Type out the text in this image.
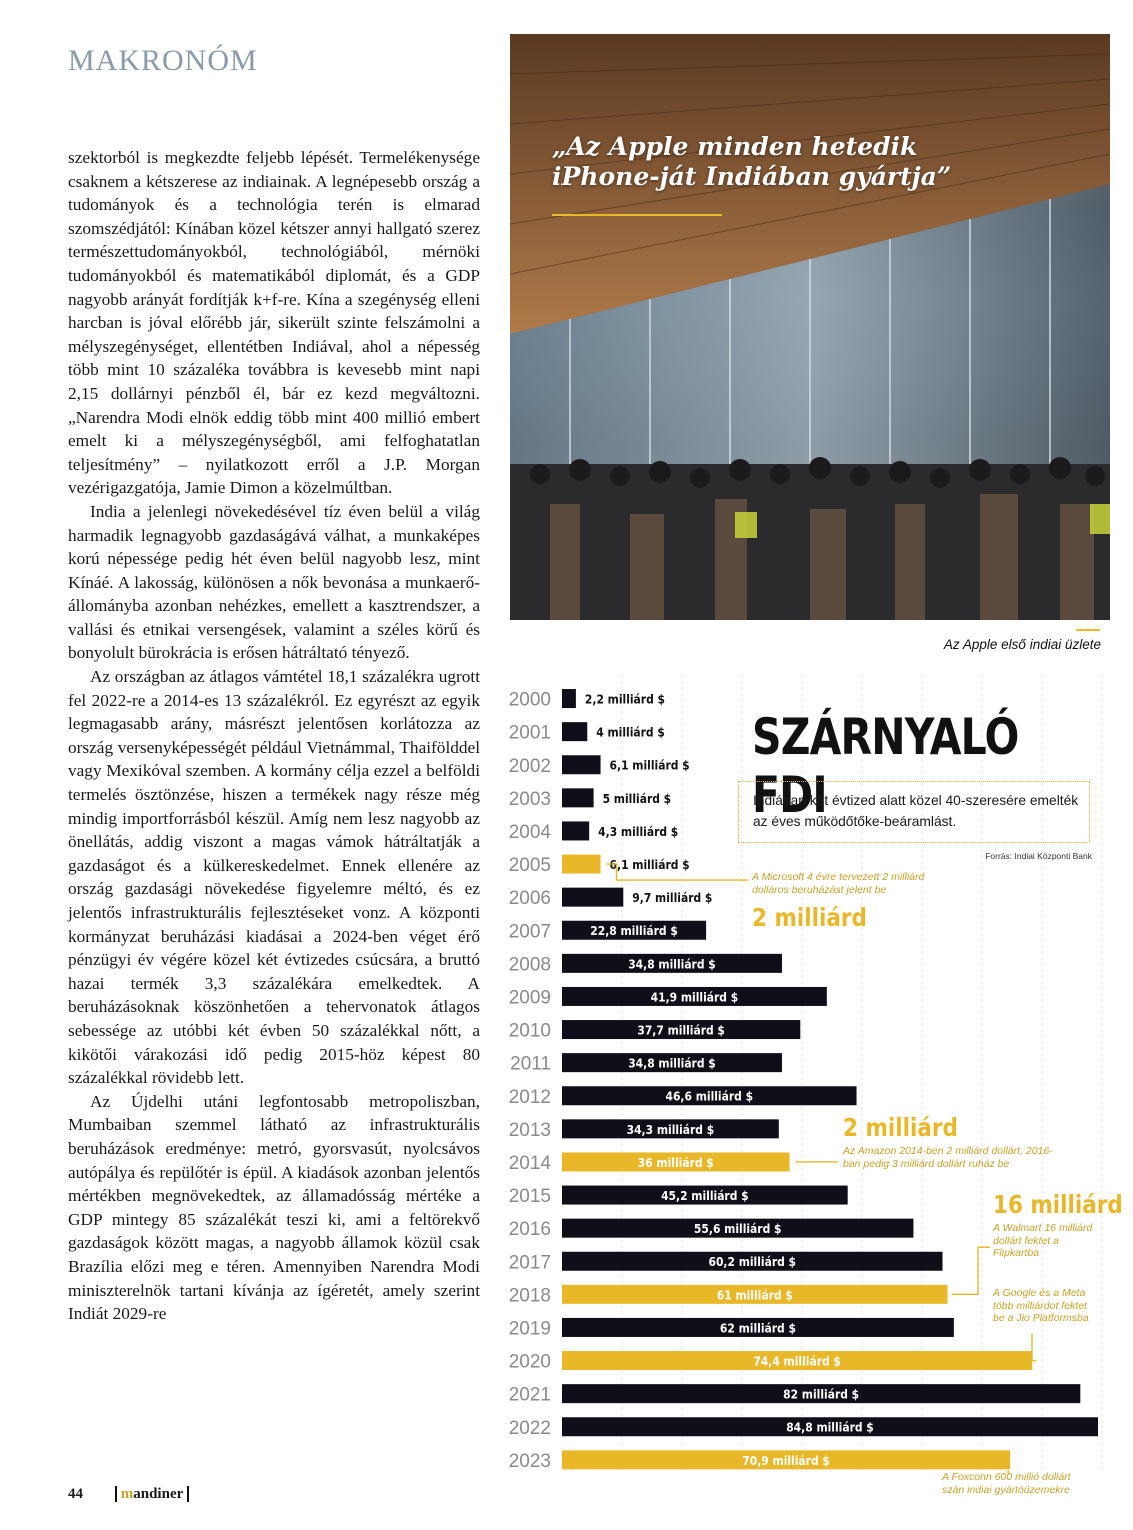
MAKRONÓM

szektorból is megkezdte feljebb lépését. Termelékenysége csaknem a kétszerese az indiainak. A legnépesebb ország a tudományok és a technológia terén is elmarad szomszédjától: Kínában közel kétszer annyi hallgató szerez természettudományokból, technológiából, mérnöki tudományokból és matematikából diplomát, és a GDP nagyobb arányát fordítják k+f-re. Kína a szegénység elleni harcban is jóval előrébb jár, sikerült szinte felszámolni a mélyszegénységet, ellentétben Indiával, ahol a népesség több mint 10 százaléka továbbra is kevesebb mint napi 2,15 dollárnyi pénzből él, bár ez kezd megváltozni. „Narendra Modi elnök eddig több mint 400 millió embert emelt ki a mélyszegénységből, ami felfoghatatlan teljesítmény” – nyilatkozott erről a J.P. Morgan vezérigazgatója, Jamie Dimon a közelmúltban.

India a jelenlegi növekedésével tíz éven belül a világ harmadik legnagyobb gazdaságává válhat, a munkaképes korú népessége pedig hét éven belül nagyobb lesz, mint Kínáé. A lakosság, különösen a nők bevonása a munkaerő-állományba azonban nehézkes, emellett a kasztrendszer, a vallási és etnikai versengések, valamint a széles körű és bonyolult bürokrácia is erősen hátráltató tényező.

Az országban az átlagos vámtétel 18,1 százalékra ugrott fel 2022-re a 2014-es 13 százalékról. Ez egyrészt az egyik legmagasabb arány, másrészt jelentősen korlátozza az ország versenyképességét például Vietnámmal, Thaifölddel vagy Mexikóval szemben. A kormány célja ezzel a belföldi termelés ösztönzése, hiszen a termékek nagy része még mindig importforrásból készül. Amíg nem lesz nagyobb az önellátás, addig viszont a magas vámok hátráltatják a gazdaságot és a külkereskedelmet. Ennek ellenére az ország gazdasági növekedése figyelemre méltó, és ez jelentős infrastrukturális fejlesztéseket vonz. A központi kormányzat beruházási kiadásai a 2024-ben véget érő pénzügyi év végére közel két évtizedes csúcsára, a bruttó hazai termék 3,3 százalékára emelkedtek. A beruházásoknak köszönhetően a tehervonatok átlagos sebessége az utóbbi két évben 50 százalékkal nőtt, a kikötői várakozási idő pedig 2015-höz képest 80 százalékkal rövidebb lett.

Az Újdelhi utáni legfontosabb metropoliszban, Mumbaiban szemmel látható az infrastrukturális beruházások eredménye: metró, gyorsvasút, nyolcsávos autópálya és repülőtér is épül. A kiadások azonban jelentős mértékben megnövekedtek, az államadósság mértéke a GDP mintegy 85 százalékát teszi ki, ami a feltörekvő gazdaságok között magas, a nagyobb államok közül csak Brazília előzi meg e téren. Amennyiben Narendra Modi miniszterelnök tartani kívánja az ígéretét, amely szerint Indiát 2029-re

„Az Apple minden hetedik iPhone-ját Indiában gyártja”
Az Apple első indiai üzlete
2000	2,2 milliárd $
2001	4 milliárd $
2002	6,1 milliárd $
2003	5 milliárd $
2004	4,3 milliárd $
2005	6,1 milliárd $
2006	9,7 milliárd $
2007	22,8 milliárd $
2008	34,8 milliárd $
2009	41,9 milliárd $
2010	37,7 milliárd $
2011	34,8 milliárd $
2012	46,6 milliárd $
2013	34,3 milliárd $
2014	36 milliárd $
2015	45,2 milliárd $
2016	55,6 milliárd $
2017	60,2 milliárd $
2018	61 milliárd $
2019	62 milliárd $
2020	74,4 milliárd $
2021	82 milliárd $
2022	84,8 milliárd $
2023	70,9 milliárd $
SZÁRNYALÓ FDI
Indiában két évtized alatt közel 40-szeresére emelték az éves működőtőke-beáramlást.
Forrás: Indiai Központi Bank
A Microsoft 4 évre tervezett 2 milliárd dolláros beruházást jelent be
2 milliárd
2 milliárd
Az Amazon 2014-ben 2 milliárd dollárt, 2016-ban pedig 3 milliárd dollárt ruház be
16 milliárd
A Walmart 16 milliárd dollárt fektet a Flipkartba
A Google és a Meta több milliárdot fektet be a Jio Platformsba
A Foxconn 600 millió dollárt szán indiai gyártóüzemekre
44	mandiner
